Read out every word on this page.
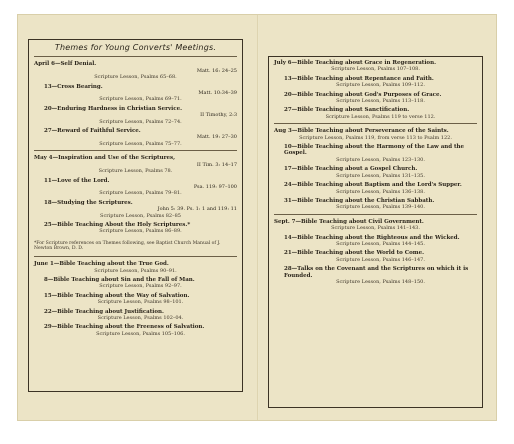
Themes for Young Converts' Meetings.
April 6—Self Denial.
Matt. 16: 24–25
Scripture Lesson, Psalms 65–68.
13—Cross Bearing.
Matt. 10:34–39
Scripture Lesson, Psalms 69–71.
20—Enduring Hardness in Christian Service.
II Timothy, 2:3
Scripture Lesson, Psalms 72–74.
27—Reward of Faithful Service.
Matt. 19: 27–30
Scripture Lesson, Psalms 75–77.
May 4—Inspiration and Use of the Scriptures,
II Tim. 3: 14–17
Scripture Lesson, Psalms 78.
11—Love of the Lord.
Psa. 119: 97–100
Scripture Lesson, Psalms 79–81.
18—Studying the Scriptures.
John 5: 39. Ps. 1: 1 and 119: 11
Scripture Lesson, Psalms 82–85
25—Bible Teaching About the Holy Scriptures.*
Scripture Lesson, Psalms 86–89.
*For Scripture references on Themes following, see Baptist Church Manual of J. Newton Brown, D. D.
June 1—Bible Teaching about the True God.
Scripture Lesson, Psalms 90–91.
8—Bible Teaching about Sin and the Fall of Man.
Scripture Lesson, Psalms 92–97.
15—Bible Teaching about the Way of Salvation.
Scripture Lesson, Psalms 98–101.
22—Bible Teaching about Justification.
Scripture Lesson, Psalms 102–04.
29—Bible Teaching about the Freeness of Salvation.
Scripture Lesson, Psalms 105–106.
July 6—Bible Teaching about Grace in Regeneration.
Scripture Lesson, Psalms 107–108.
13—Bible Teaching about Repentance and Faith.
Scripture Lesson, Psalms 109–112.
20—Bible Teaching about God's Purposes of Grace.
Scripture Lesson, Psalms 113–118.
27—Bible Teaching about Sanctification.
Scripture Lesson, Psalms 119 to verse 112.
Aug 3—Bible Teaching about Perseverance of the Saints.
Scripture Lesson, Psalms 119, from verse 113 to Psalm 122.
10—Bible Teaching about the Harmony of the Law and the Gospel.
Scripture Lesson, Psalms 123–130.
17—Bible Teaching about a Gospel Church.
Scripture Lesson, Psalms 131–135.
24—Bible Teaching about Baptism and the Lord's Supper.
Scripture Lesson, Psalms 136–138.
31—Bible Teaching about the Christian Sabbath.
Scripture Lesson, Psalms 139–140.
Sept. 7—Bible Teaching about Civil Government.
Scripture Lesson, Psalms 141–143.
14—Bible Teaching about the Righteous and the Wicked.
Scripture Lesson, Psalms 144–145.
21—Bible Teaching about the World to Come.
Scripture Lesson, Psalms 146–147.
28—Talks on the Covenant and the Scriptures on which it is Founded.
Scripture Lesson, Psalms 148–150.
